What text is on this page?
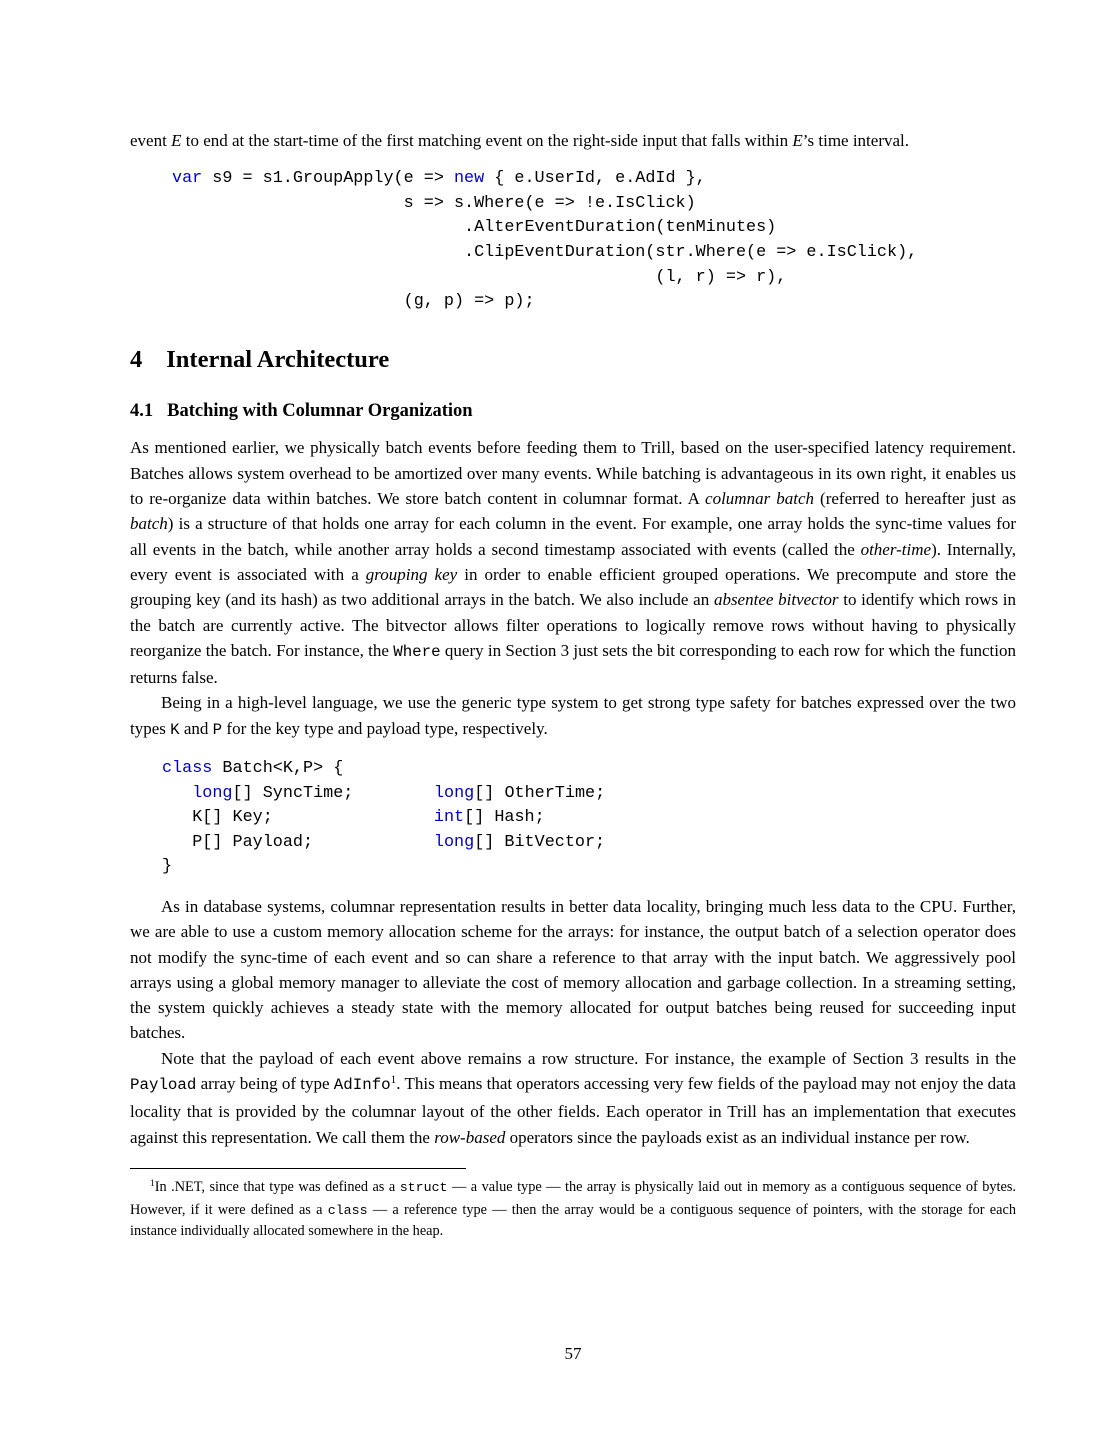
event E to end at the start-time of the first matching event on the right-side input that falls within E’s time interval.

var s9 = s1.GroupApply(e => new { e.UserId, e.AdId },
s => s.Where(e => !e.IsClick)
.AlterEventDuration(tenMinutes)
.ClipEventDuration(str.Where(e => e.IsClick),
(l, r) => r),
(g, p) => p);
4 Internal Architecture
4.1 Batching with Columnar Organization

As mentioned earlier, we physically batch events before feeding them to Trill, based on the user-specified latency requirement. Batches allows system overhead to be amortized over many events. While batching is advantageous in its own right, it enables us to re-organize data within batches. We store batch content in columnar format. A columnar batch (referred to hereafter just as batch) is a structure of that holds one array for each column in the event. For example, one array holds the sync-time values for all events in the batch, while another array holds a second timestamp associated with events (called the other-time). Internally, every event is associated with a grouping key in order to enable efficient grouped operations. We precompute and store the grouping key (and its hash) as two additional arrays in the batch. We also include an absentee bitvector to identify which rows in the batch are currently active. The bitvector allows filter operations to logically remove rows without having to physically reorganize the batch. For instance, the Where query in Section 3 just sets the bit corresponding to each row for which the function returns false.

Being in a high-level language, we use the generic type system to get strong type safety for batches expressed over the two types K and P for the key type and payload type, respectively.

class Batch<K,P> {
long[] SyncTime;        long[] OtherTime;
K[] Key;                int[] Hash;
P[] Payload;            long[] BitVector;
}

As in database systems, columnar representation results in better data locality, bringing much less data to the CPU. Further, we are able to use a custom memory allocation scheme for the arrays: for instance, the output batch of a selection operator does not modify the sync-time of each event and so can share a reference to that array with the input batch. We aggressively pool arrays using a global memory manager to alleviate the cost of memory allocation and garbage collection. In a streaming setting, the system quickly achieves a steady state with the memory allocated for output batches being reused for succeeding input batches.

Note that the payload of each event above remains a row structure. For instance, the example of Section 3 results in the Payload array being of type AdInfo$^1$. This means that operators accessing very few fields of the payload may not enjoy the data locality that is provided by the columnar layout of the other fields. Each operator in Trill has an implementation that executes against this representation. We call them the row-based operators since the payloads exist as an individual instance per row.

$^1$In .NET, since that type was defined as a struct — a value type — the array is physically laid out in memory as a contiguous sequence of bytes. However, if it were defined as a class — a reference type — then the array would be a contiguous sequence of pointers, with the storage for each instance individually allocated somewhere in the heap.

57
